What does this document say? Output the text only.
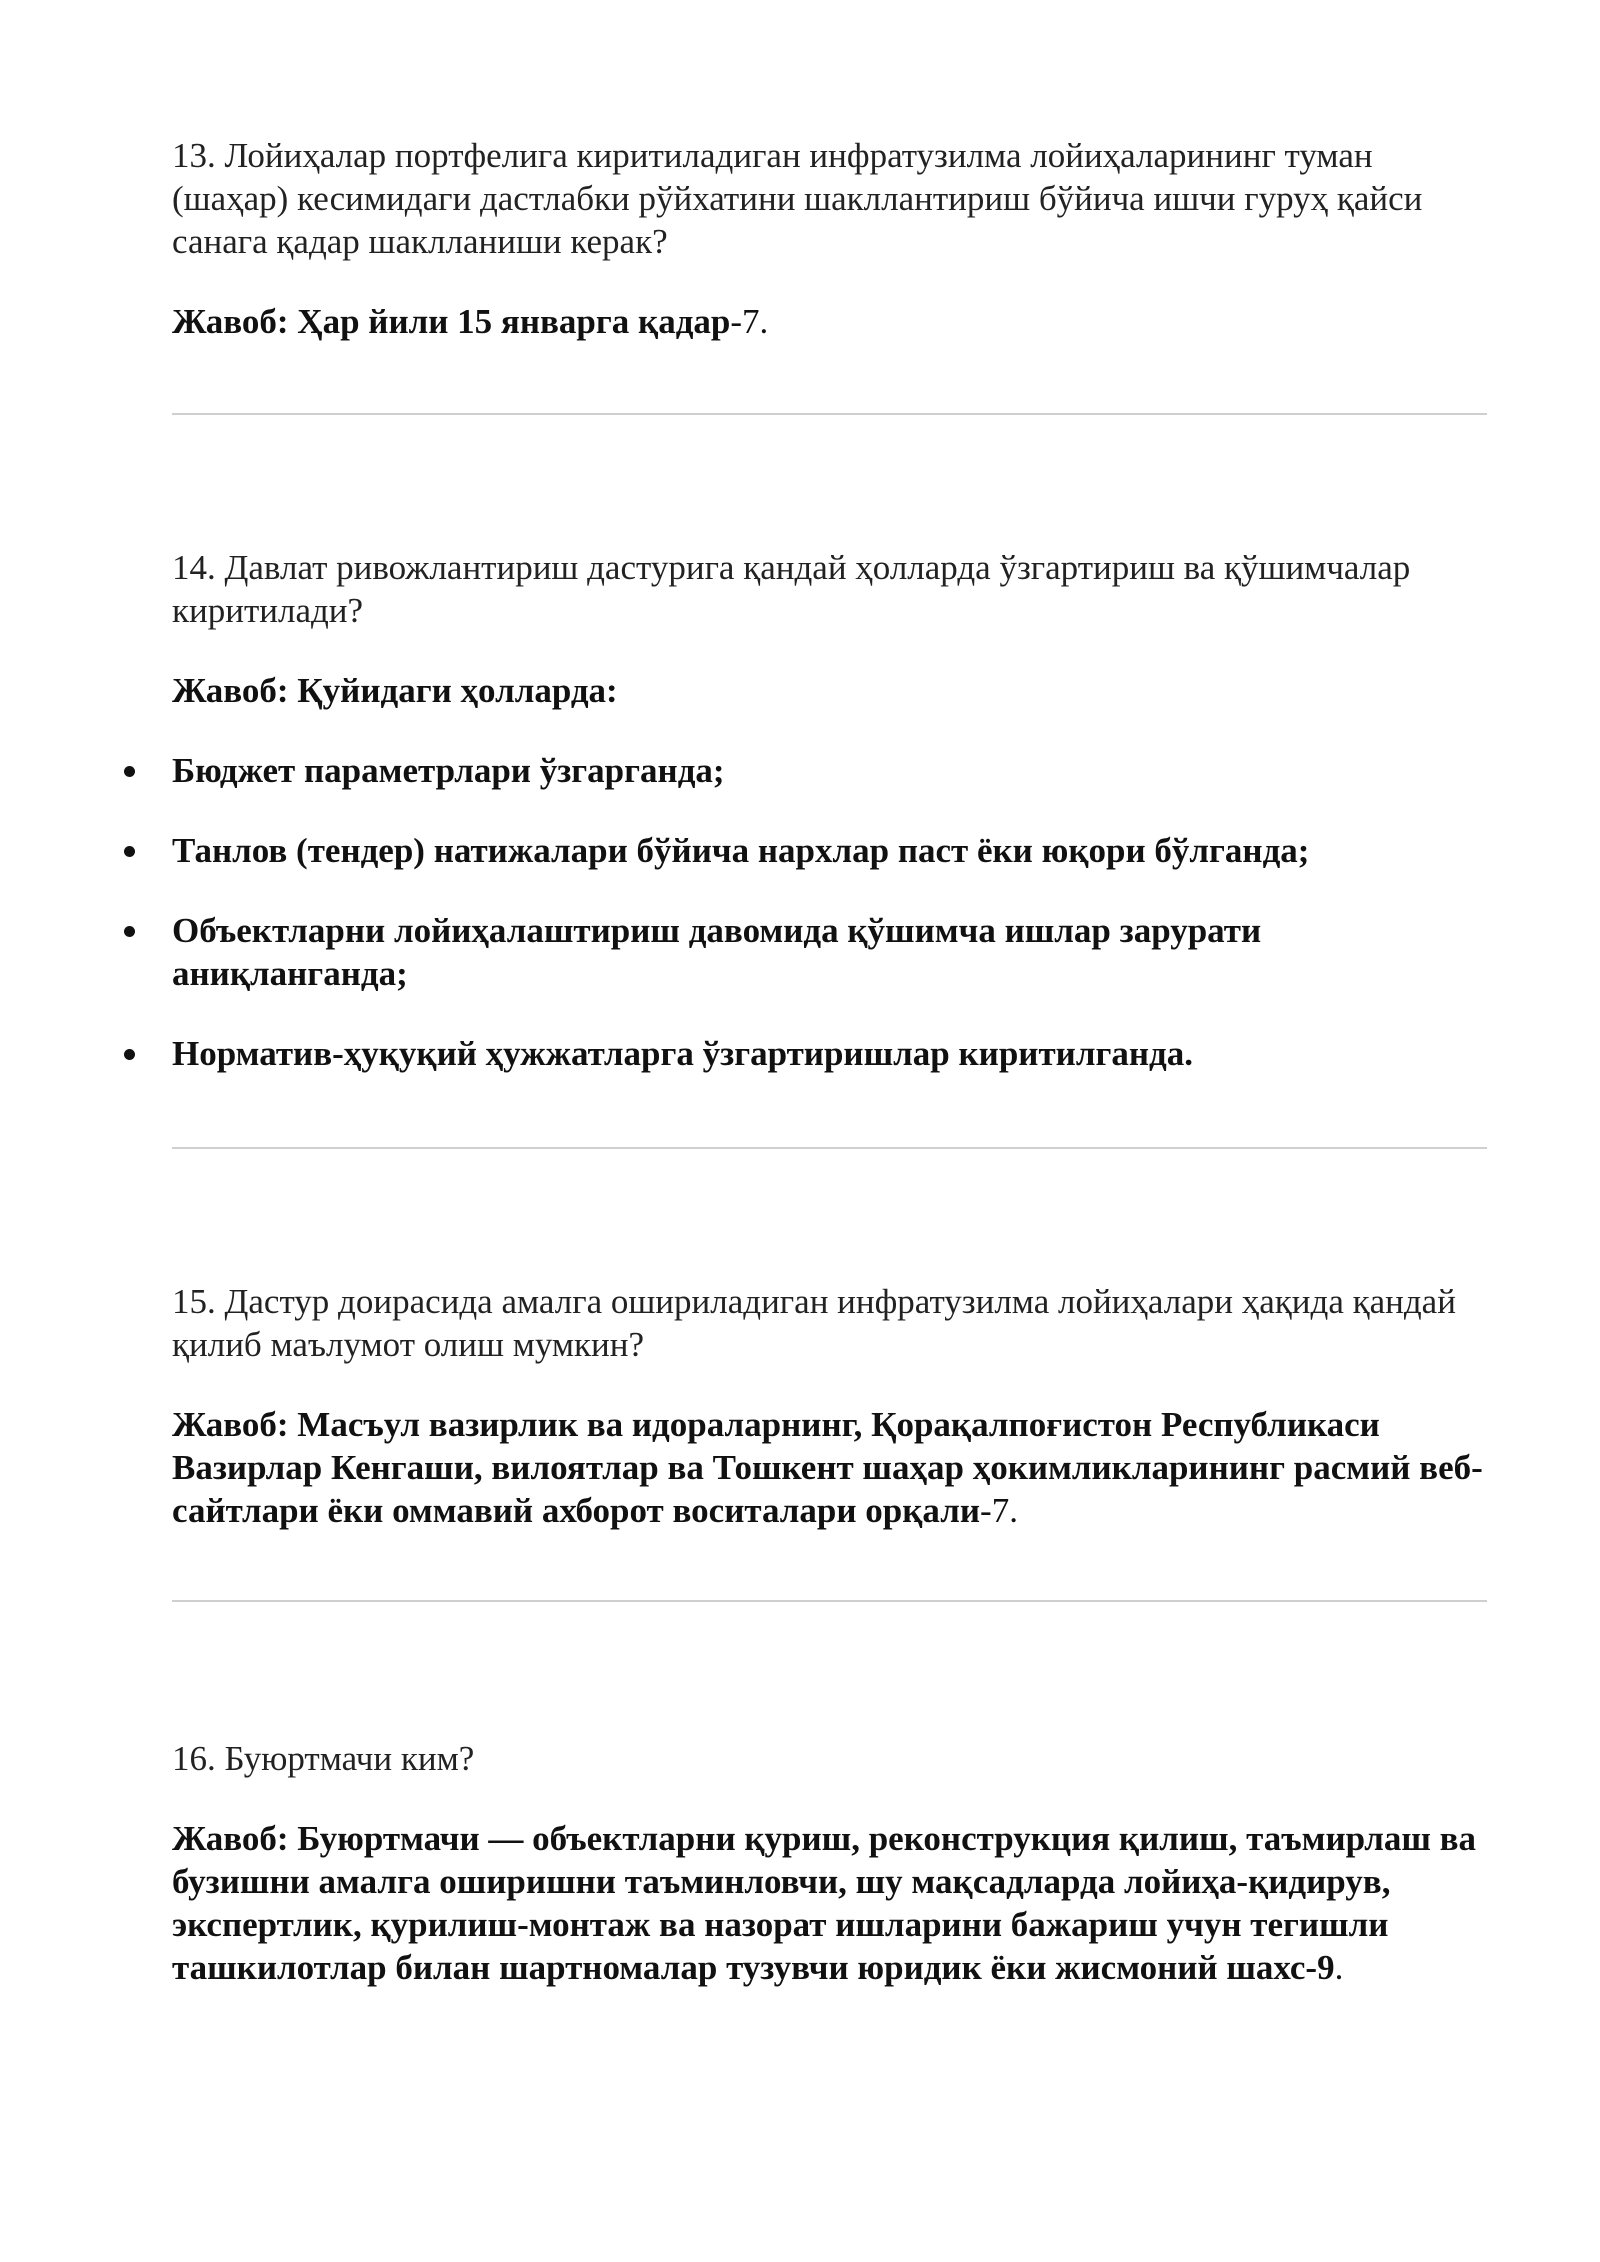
13. Лойиҳалар портфелига киритиладиган инфратузилма лойиҳаларининг туман (шаҳар) кесимидаги дастлабки рўйхатини шакллантириш бўйича ишчи гуруҳ қайси санага қадар шаклланиши керак?

Жавоб: Ҳар йили 15 январга қадар-7.

14. Давлат ривожлантириш дастурига қандай ҳолларда ўзгартириш ва қўшимчалар киритилади?

Жавоб: Қуйидаги ҳолларда:

Бюджет параметрлари ўзгарганда;
Танлов (тендер) натижалари бўйича нархлар паст ёки юқори бўлганда;
Объектларни лойиҳалаштириш давомида қўшимча ишлар зарурати аниқланганда;
Норматив-ҳуқуқий ҳужжатларга ўзгартиришлар киритилганда.

15. Дастур доирасида амалга ошириладиган инфратузилма лойиҳалари ҳақида қандай қилиб маълумот олиш мумкин?

Жавоб: Масъул вазирлик ва идораларнинг, Қорақалпоғистон Республикаси Вазирлар Кенгаши, вилоятлар ва Тошкент шаҳар ҳокимликларининг расмий веб-сайтлари ёки оммавий ахборот воситалари орқали-7.

16. Буюртмачи ким?

Жавоб: Буюртмачи — объектларни қуриш, реконструкция қилиш, таъмирлаш ва бузишни амалга оширишни таъминловчи, шу мақсадларда лойиҳа-қидирув, экспертлик, қурилиш-монтаж ва назорат ишларини бажариш учун тегишли ташкилотлар билан шартномалар тузувчи юридик ёки жисмоний шахс-9.
